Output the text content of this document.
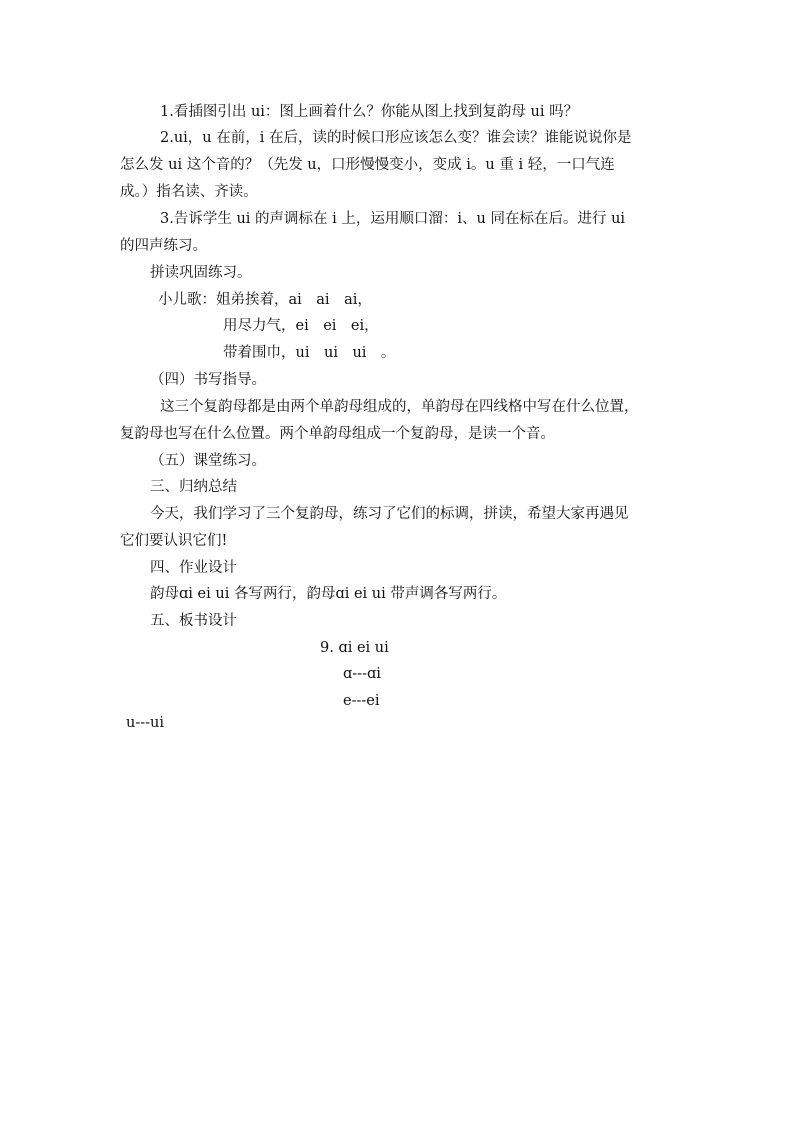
1.看插图引出 ui：图上画着什么？你能从图上找到复韵母 ui 吗？
2.ui，u 在前，i 在后，读的时候口形应该怎么变？谁会读？谁能说说你是
怎么发 ui 这个音的？（先发 u，口形慢慢变小，变成 i。u 重 i 轻，一口气连
成。）指名读、齐读。
3.告诉学生 ui 的声调标在 i 上，运用顺口溜：i、u 同在标在后。进行 ui
的四声练习。
拼读巩固练习。
小儿歌：姐弟挨着，ai　ai　ai，
用尽力气，ei　ei　ei，
带着围巾，ui　ui　ui　。
（四）书写指导。
这三个复韵母都是由两个单韵母组成的，单韵母在四线格中写在什么位置，
复韵母也写在什么位置。两个单韵母组成一个复韵母，是读一个音。
（五）课堂练习。
三、归纳总结
今天，我们学习了三个复韵母，练习了它们的标调，拼读，希望大家再遇见
它们要认识它们!
四、作业设计
韵母ɑi ei ui 各写两行，韵母ɑi ei ui 带声调各写两行。
五、板书设计
9. ɑi ei ui
ɑ---ɑi
e---ei
u---ui
